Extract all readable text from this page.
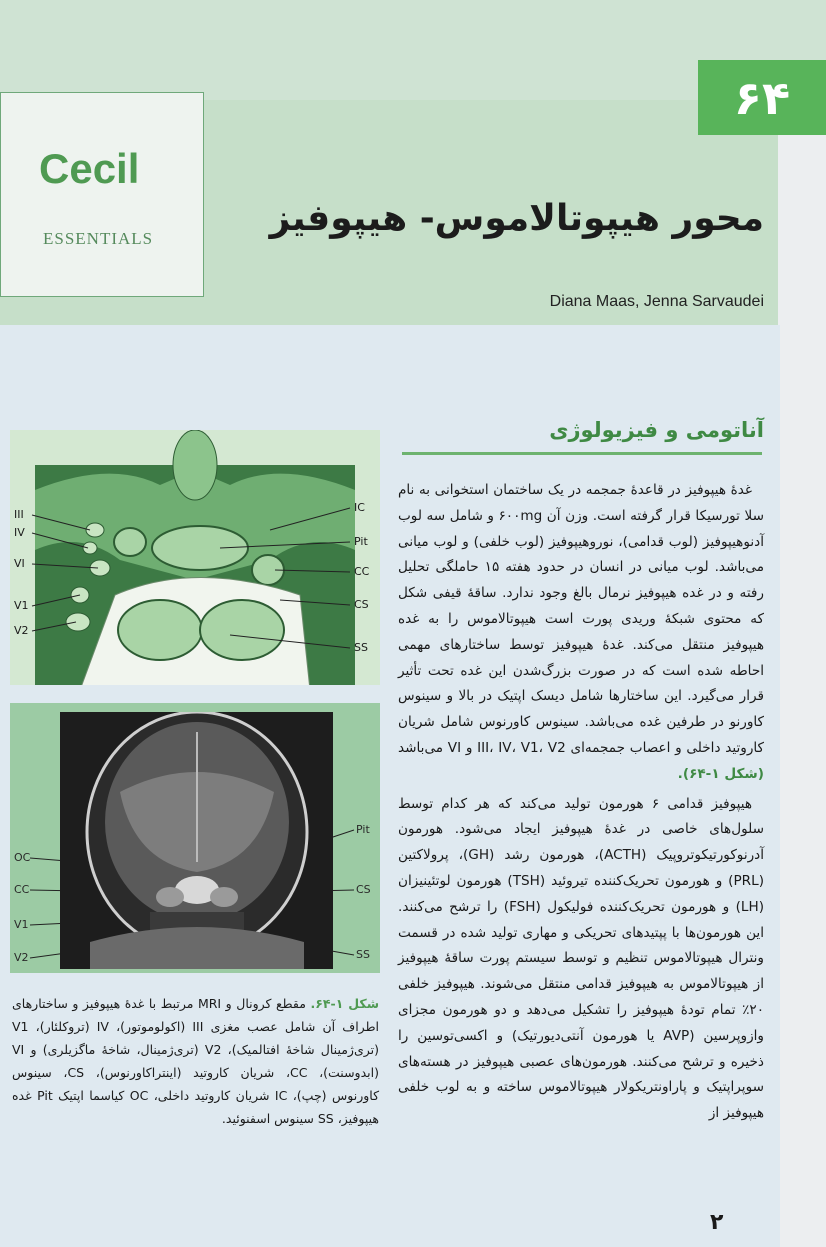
۶۴
Cecil
ESSENTIALS	محور هیپوتالاموس- هیپوفیز
Diana Maas, Jenna Sarvaudei
III
IV
VI
V1
V2
IC
Pit
CC
CS
SS
OC
CC
V1
V2
Pit
CS
SS
شکل ۱-۶۴. مقطع کرونال و MRI مرتبط با غدهٔ هیپوفیز و ساختارهای اطراف آن شامل عصب مغزی III (اکولوموتور)، IV (تروکلئار)، V1 (تری‌ژمینال شاخهٔ افتالمیک)، V2 (تری‌ژمینال، شاخهٔ ماگزیلری) و VI (ابدوسنت)، CC، شریان کاروتید (اینتراکاورنوس)، CS، سینوس کاورنوس (چپ)، IC شریان کاروتید داخلی، OC کیاسما اپتیک Pit غده هیپوفیز، SS سینوس اسفنوئید.
آناتومی و فیزیولوژی

غدهٔ هیپوفیز در قاعدهٔ جمجمه در یک ساختمان استخوانی به نام سلا تورسیکا قرار گرفته است. وزن آن ۶۰۰mg و شامل سه لوب آدنوهیپوفیز (لوب قدامی)، نوروهیپوفیز (لوب خلفی) و لوب میانی می‌باشد. لوب میانی در انسان در حدود هفته ۱۵ حاملگی تحلیل رفته و در غده هیپوفیز نرمال بالغ وجود ندارد. ساقهٔ قیفی شکل که محتوی شبکهٔ وریدی پورت است هیپوتالاموس را به غده هیپوفیز منتقل می‌کند. غدهٔ هیپوفیز توسط ساختارهای مهمی احاطه شده است که در صورت بزرگ‌شدن این غده تحت تأثیر قرار می‌گیرد. این ساختارها شامل دیسک اپتیک در بالا و سینوس کاورنو در طرفین غده می‌باشد. سینوس کاورنوس شامل شریان کاروتید داخلی و اعصاب جمجمه‌ای III، IV، V1، V2 و VI می‌باشد (شکل ۱-۶۴).

هیپوفیز قدامی ۶ هورمون تولید می‌کند که هر کدام توسط سلول‌های خاصی در غدهٔ هیپوفیز ایجاد می‌شود. هورمون آدرنوکورتیکوتروپیک (ACTH)، هورمون رشد (GH)، پرولاکتین (PRL) و هورمون تحریک‌کننده تیروئید (TSH) هورمون لوتئینیزان (LH) و هورمون تحریک‌کننده فولیکول (FSH) را ترشح می‌کنند. این هورمون‌ها با پپتیدهای تحریکی و مهاری تولید شده در قسمت ونترال هیپوتالاموس تنظیم و توسط سیستم پورت ساقهٔ هیپوفیز از هیپوتالاموس به هیپوفیز قدامی منتقل می‌شوند. هیپوفیز خلفی ۲۰٪ تمام تودهٔ هیپوفیز را تشکیل می‌دهد و دو هورمون مجزای وازوپرسین (AVP یا هورمون آنتی‌دیورتیک) و اکسی‌توسین را ذخیره و ترشح می‌کنند. هورمون‌های عصبی هیپوفیز در هسته‌های سوپراپتیک و پاراونتریکولار هیپوتالاموس ساخته و به لوب خلفی هیپوفیز از

۲
